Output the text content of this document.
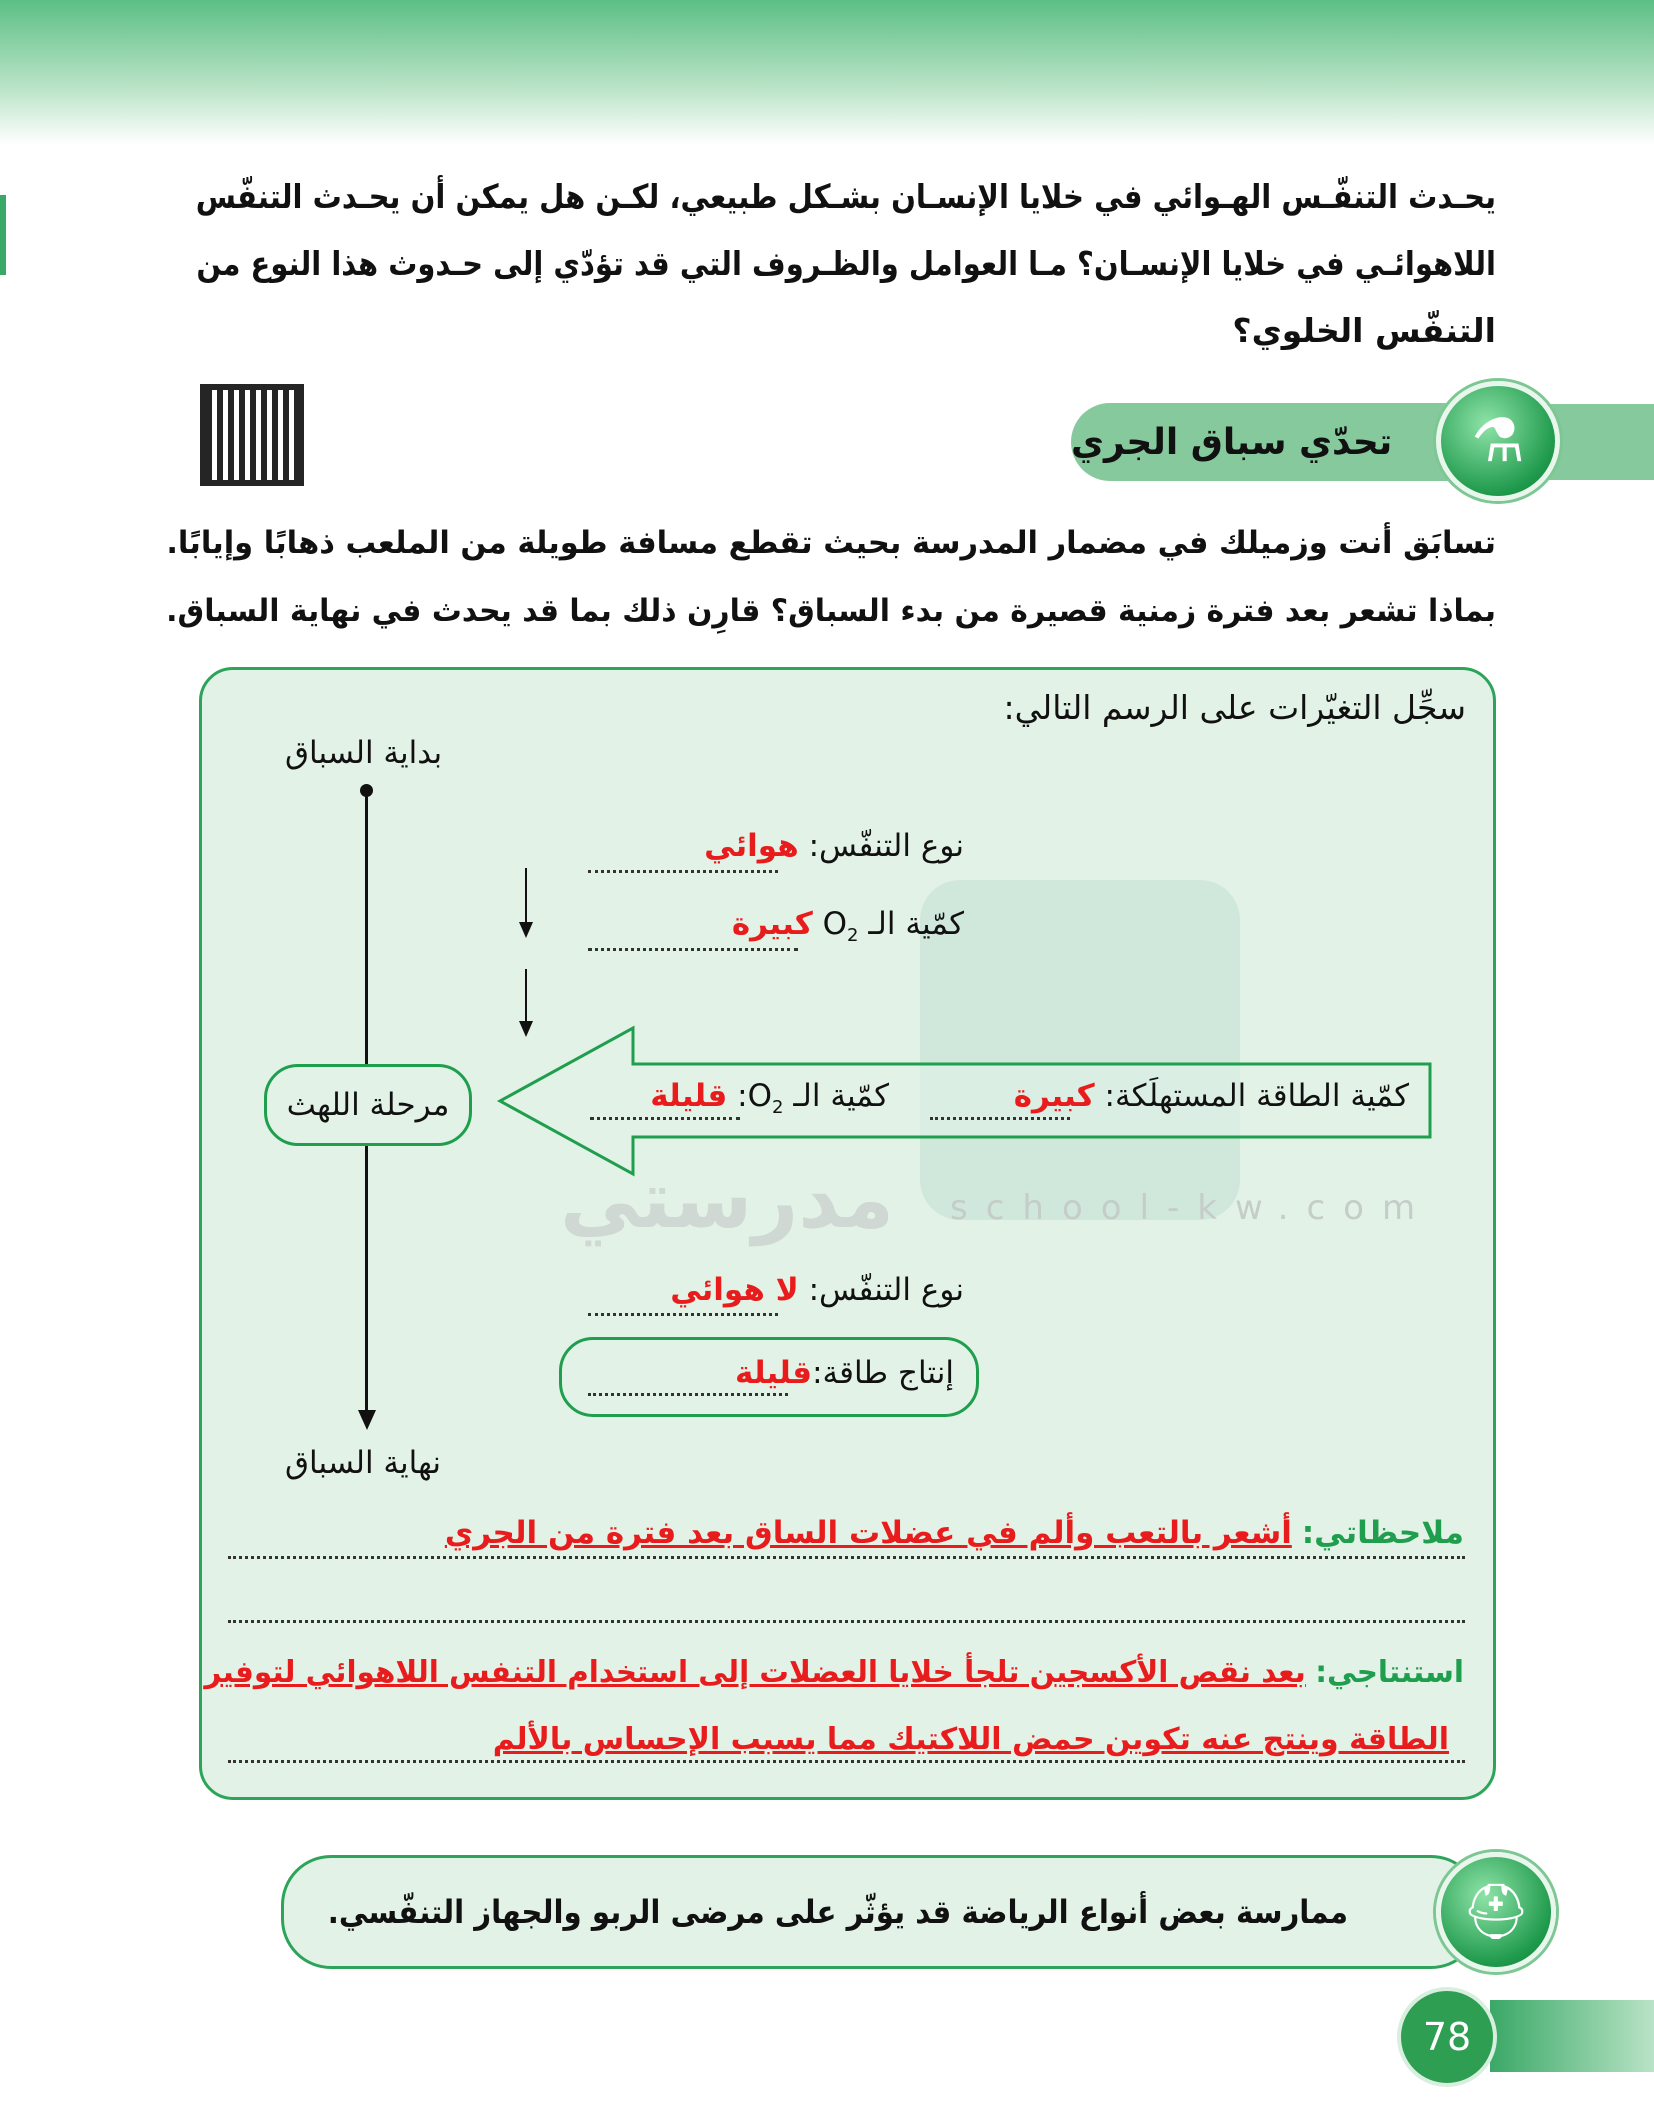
يحـدث التنفّـس الهـوائي في خلايا الإنسـان بشـكل طبيعي، لكـن هل يمكن أن يحـدث التنفّس
اللاهوائـي في خلايا الإنسـان؟ مـا العوامل والظـروف التي قد تؤدّي إلى حـدوث هذا النوع من
التنفّس الخلوي؟
تحدّي سباق الجري	⚗
تسابَق أنت وزميلك في مضمار المدرسة بحيث تقطع مسافة طويلة من الملعب ذهابًا وإيابًا.
بماذا تشعر بعد فترة زمنية قصيرة من بدء السباق؟ قارِن ذلك بما قد يحدث في نهاية السباق.
مدرستي school-kw.com
سجِّل التغيّرات على الرسم التالي:
بداية السباق
نهاية السباق
نوع التنفّس: هوائي
كمّية الـ $O_2$ كبيرة
كمّية الطاقة المستهلَكة: كبيرة
كمّية الـ $O_2$: قليلة
مرحلة اللهث
نوع التنفّس: لا هوائي
إنتاج طاقة:قليلة
ملاحظاتي: أشعر بالتعب وألم في عضلات الساق بعد فترة من الجري
استنتاجي: بعد نقص الأكسجين تلجأ خلايا العضلات إلى استخدام التنفس اللاهوائي لتوفير
الطاقة وينتج عنه تكوين حمض اللاكتيك مما يسبب الإحساس بالألم
ممارسة بعض أنواع الرياضة قد يؤثّر على مرضى الربو والجهاز التنفّسي.	⛑
78
